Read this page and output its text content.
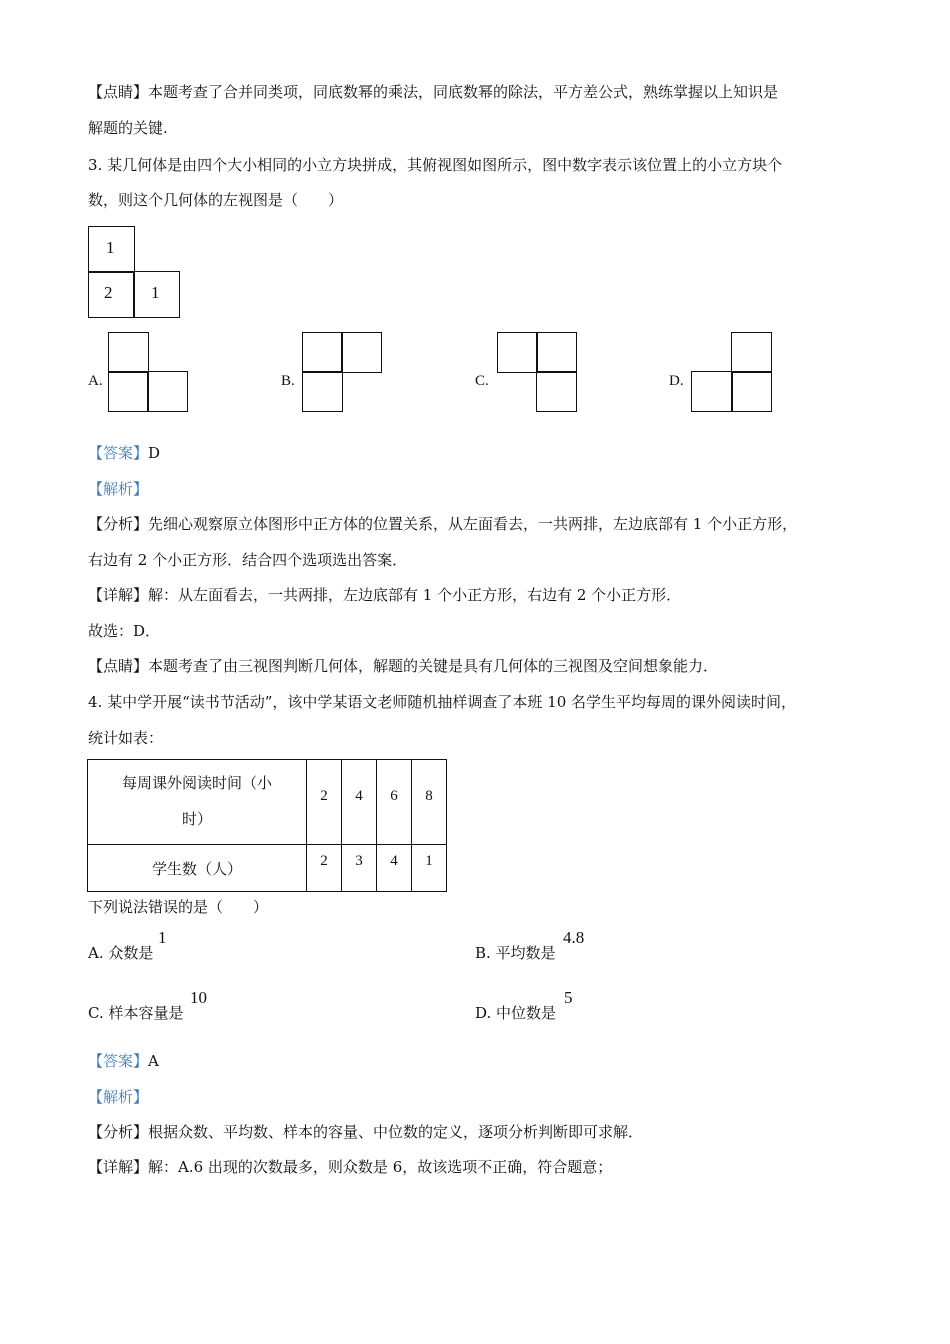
【点睛】本题考查了合并同类项，同底数幂的乘法，同底数幂的除法，平方差公式，熟练掌握以上知识是
解题的关键.
3. 某几何体是由四个大小相同的小立方块拼成，其俯视图如图所示，图中数字表示该位置上的小立方块个
数，则这个几何体的左视图是（　　）
1
2 1
A.	B.	C.	D.
【答案】D
【解析】
【分析】先细心观察原立体图形中正方体的位置关系，从左面看去，一共两排，左边底部有 1 个小正方形，
右边有 2 个小正方形．结合四个选项选出答案．
【详解】解：从左面看去，一共两排，左边底部有 1 个小正方形，右边有 2 个小正方形．
故选：D．
【点睛】本题考查了由三视图判断几何体，解题的关键是具有几何体的三视图及空间想象能力．
4. 某中学开展“读书节活动”，该中学某语文老师随机抽样调查了本班 10 名学生平均每周的课外阅读时间，
统计如表：
每周课外阅读时间（小
时）	2	4	6	8
学生数（人）	2	3	4	1
下列说法错误的是（　　）
A. 众数是
1
B. 平均数是
4.8
C. 样本容量是
10
D. 中位数是
5
【答案】A
【解析】
【分析】根据众数、平均数、样本的容量、中位数的定义，逐项分析判断即可求解．
【详解】解：A.6 出现的次数最多，则众数是 6，故该选项不正确，符合题意；
